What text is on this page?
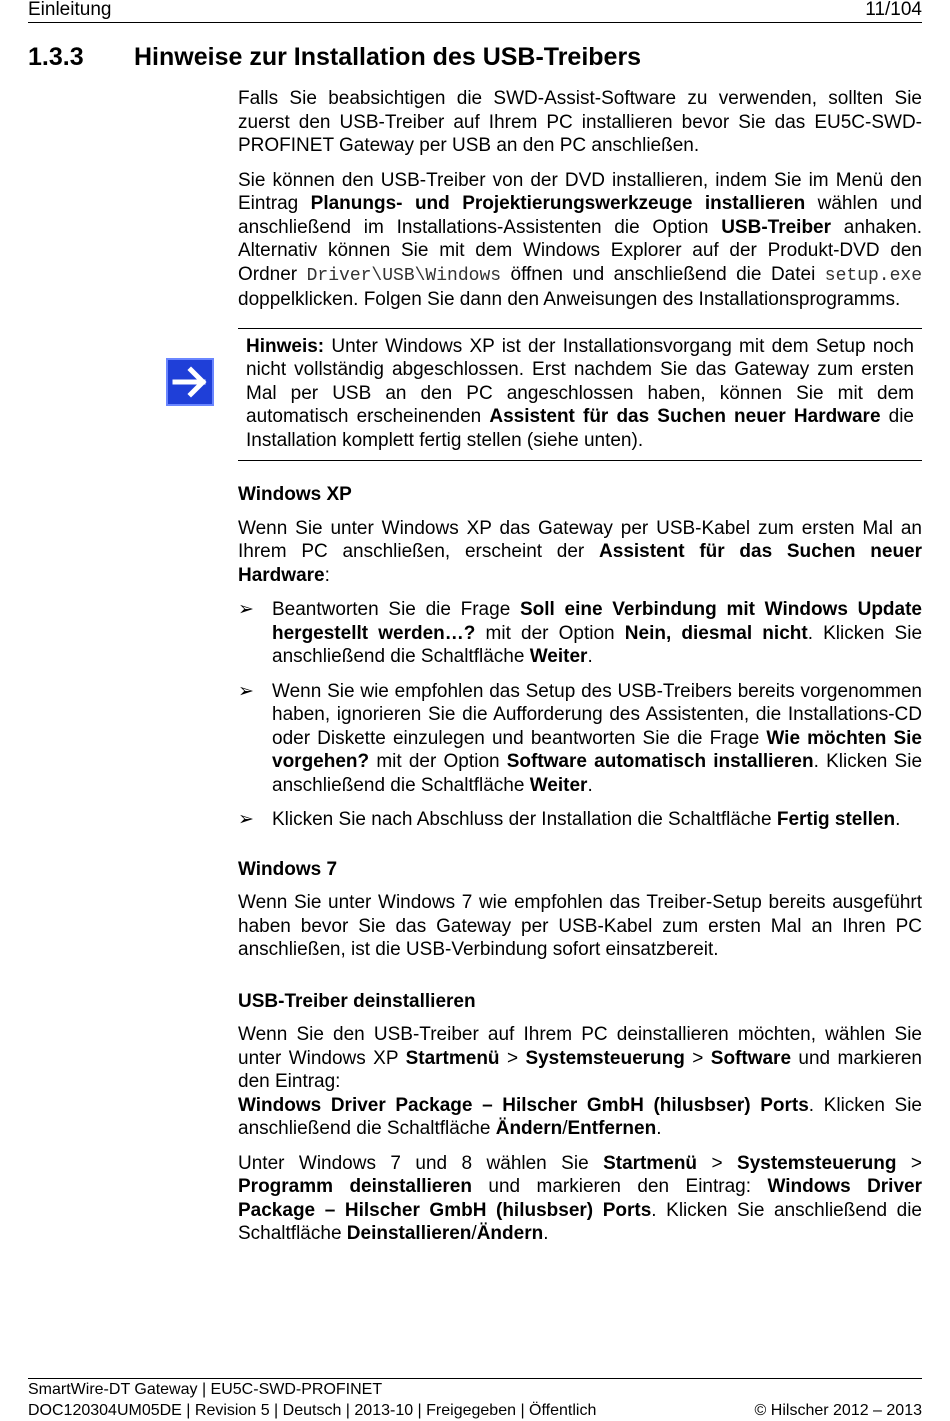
Einleitung	11/104
1.3.3 Hinweise zur Installation des USB-Treibers

Falls Sie beabsichtigen die SWD-Assist-Software zu verwenden, sollten Sie zuerst den USB-Treiber auf Ihrem PC installieren bevor Sie das EU5C-SWD-PROFINET Gateway per USB an den PC anschließen.

Sie können den USB-Treiber von der DVD installieren, indem Sie im Menü den Eintrag Planungs- und Projektierungswerkzeuge installieren wählen und anschließend im Installations-Assistenten die Option USB-Treiber anhaken. Alternativ können Sie mit dem Windows Explorer auf der Produkt-DVD den Ordner Driver\USB\Windows öffnen und anschließend die Datei setup.exe doppelklicken. Folgen Sie dann den Anweisungen des Installationsprogramms.

Hinweis: Unter Windows XP ist der Installationsvorgang mit dem Setup noch nicht vollständig abgeschlossen. Erst nachdem Sie das Gateway zum ersten Mal per USB an den PC angeschlossen haben, können Sie mit dem automatisch erscheinenden Assistent für das Suchen neuer Hardware die Installation komplett fertig stellen (siehe unten).
Windows XP

Wenn Sie unter Windows XP das Gateway per USB-Kabel zum ersten Mal an Ihrem PC anschließen, erscheint der Assistent für das Suchen neuer Hardware:

➢ Beantworten Sie die Frage Soll eine Verbindung mit Windows Update hergestellt werden…? mit der Option Nein, diesmal nicht. Klicken Sie anschließend die Schaltfläche Weiter.
➢ Wenn Sie wie empfohlen das Setup des USB-Treibers bereits vorgenommen haben, ignorieren Sie die Aufforderung des Assistenten, die Installations-CD oder Diskette einzulegen und beantworten Sie die Frage Wie möchten Sie vorgehen? mit der Option Software automatisch installieren. Klicken Sie anschließend die Schaltfläche Weiter.
➢ Klicken Sie nach Abschluss der Installation die Schaltfläche Fertig stellen.
Windows 7

Wenn Sie unter Windows 7 wie empfohlen das Treiber-Setup bereits ausgeführt haben bevor Sie das Gateway per USB-Kabel zum ersten Mal an Ihren PC anschließen, ist die USB-Verbindung sofort einsatzbereit.

USB-Treiber deinstallieren

Wenn Sie den USB-Treiber auf Ihrem PC deinstallieren möchten, wählen Sie unter Windows XP Startmenü > Systemsteuerung > Software und markieren den Eintrag:
Windows Driver Package – Hilscher GmbH (hilusbser) Ports. Klicken Sie anschließend die Schaltfläche Ändern/Entfernen.

Unter Windows 7 und 8 wählen Sie Startmenü > Systemsteuerung > Programm deinstallieren und markieren den Eintrag: Windows Driver Package – Hilscher GmbH (hilusbser) Ports. Klicken Sie anschließend die Schaltfläche Deinstallieren/Ändern.

SmartWire-DT Gateway | EU5C-SWD-PROFINET
DOC120304UM05DE | Revision 5 | Deutsch | 2013-10 | Freigegeben | Öffentlich	© Hilscher 2012 – 2013
